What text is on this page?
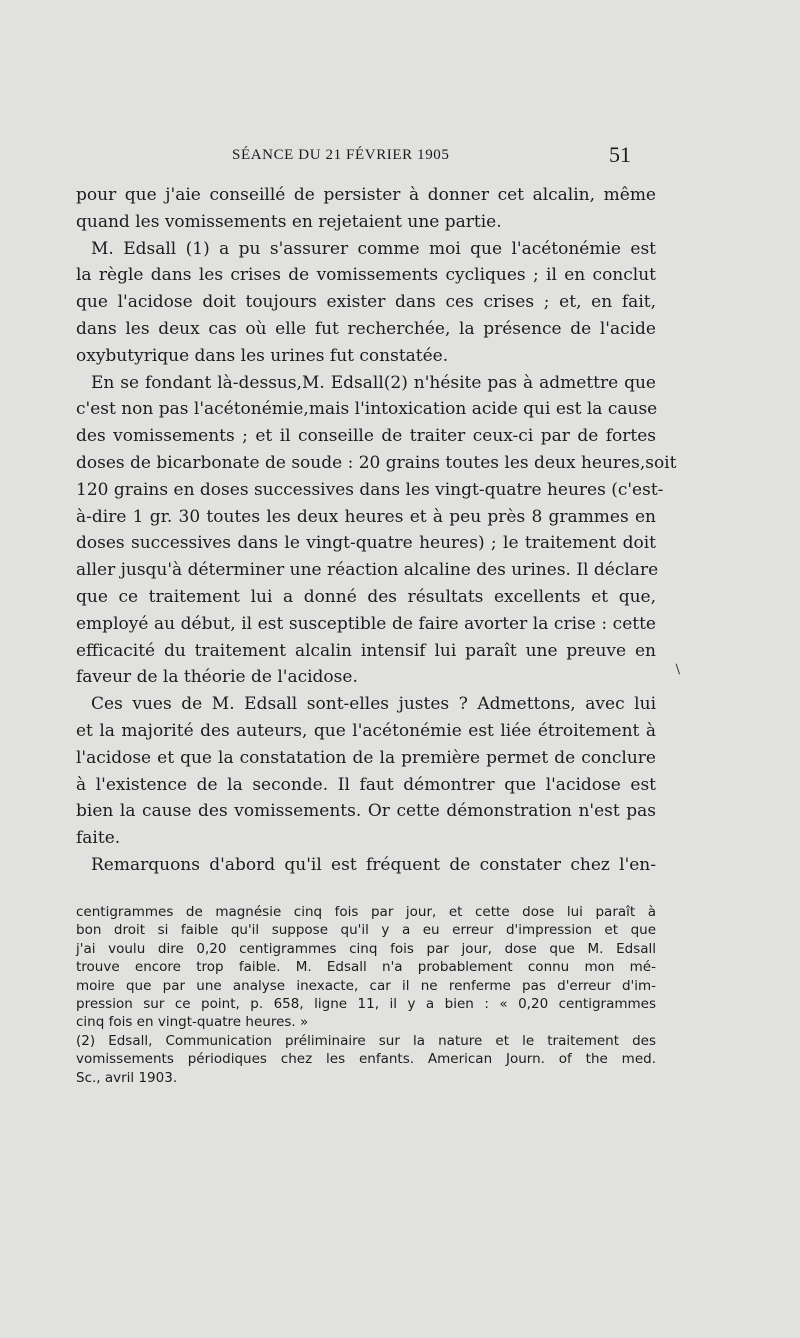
SÉANCE DU 21 FÉVRIER 1905	51
pour que j'aie conseillé de persister à donner cet alcalin, même
quand les vomissements en rejetaient une partie.
M. Edsall (1) a pu s'assurer comme moi que l'acétonémie est
la règle dans les crises de vomissements cycliques ; il en conclut
que l'acidose doit toujours exister dans ces crises ; et, en fait,
dans les deux cas où elle fut recherchée, la présence de l'acide
oxybutyrique dans les urines fut constatée.
En se fondant là-dessus,M. Edsall(2) n'hésite pas à admettre que
c'est non pas l'acétonémie,mais l'intoxication acide qui est la cause
des vomissements ; et il conseille de traiter ceux-ci par de fortes
doses de bicarbonate de soude : 20 grains toutes les deux heures,soit
120 grains en doses successives dans les vingt-quatre heures (c'est-
à-dire 1 gr. 30 toutes les deux heures et à peu près 8 grammes en
doses successives dans le vingt-quatre heures) ; le traitement doit
aller jusqu'à déterminer une réaction alcaline des urines. Il déclare
que ce traitement lui a donné des résultats excellents et que,
employé au début, il est susceptible de faire avorter la crise : cette
efficacité du traitement alcalin intensif lui paraît une preuve en
faveur de la théorie de l'acidose.
Ces vues de M. Edsall sont-elles justes ? Admettons, avec lui
et la majorité des auteurs, que l'acétonémie est liée étroitement à
l'acidose et que la constatation de la première permet de conclure
à l'existence de la seconde. Il faut démontrer que l'acidose est
bien la cause des vomissements. Or cette démonstration n'est pas
faite.
Remarquons d'abord qu'il est fréquent de constater chez l'en-
centigrammes de magnésie cinq fois par jour, et cette dose lui paraît à
bon droit si faible qu'il suppose qu'il y a eu erreur d'impression et que
j'ai voulu dire 0,20 centigrammes cinq fois par jour, dose que M. Edsall
trouve encore trop faible. M. Edsall n'a probablement connu mon mé-
moire que par une analyse inexacte, car il ne renferme pas d'erreur d'im-
pression sur ce point, p. 658, ligne 11, il y a bien : « 0,20 centigrammes
cinq fois en vingt-quatre heures. »
(2) Edsall, Communication préliminaire sur la nature et le traitement des
vomissements périodiques chez les enfants. American Journ. of the med.
Sc., avril 1903.
/
